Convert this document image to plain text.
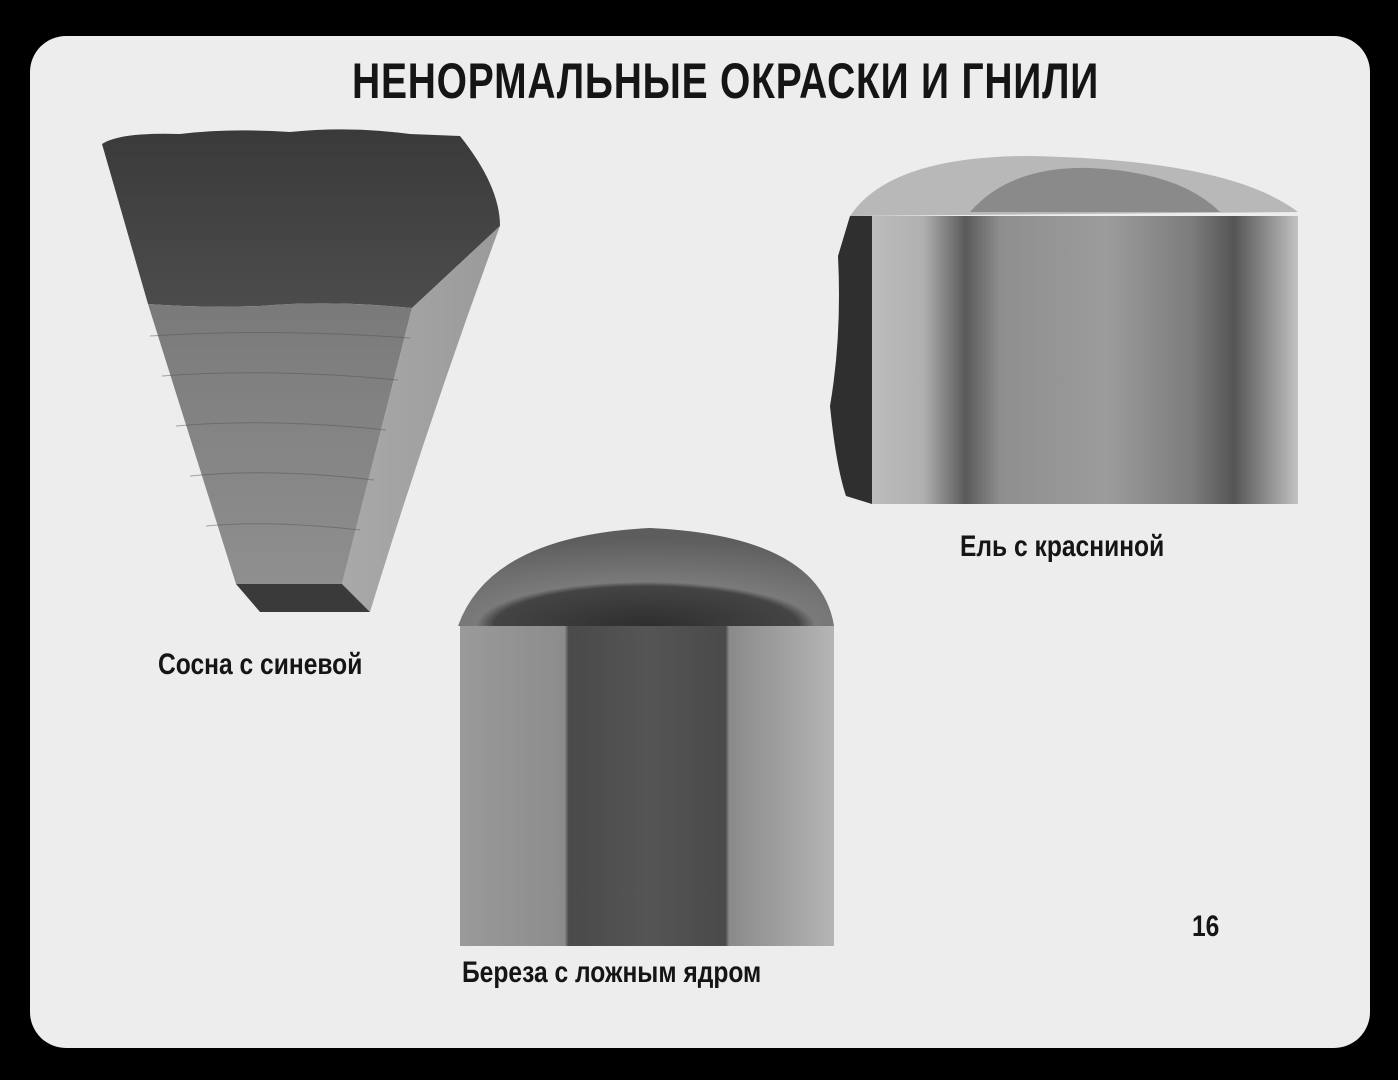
НЕНОРМАЛЬНЫЕ ОКРАСКИ И ГНИЛИ
Сосна с синевой
Ель с краснинoй
Береза с ложным ядром
16
